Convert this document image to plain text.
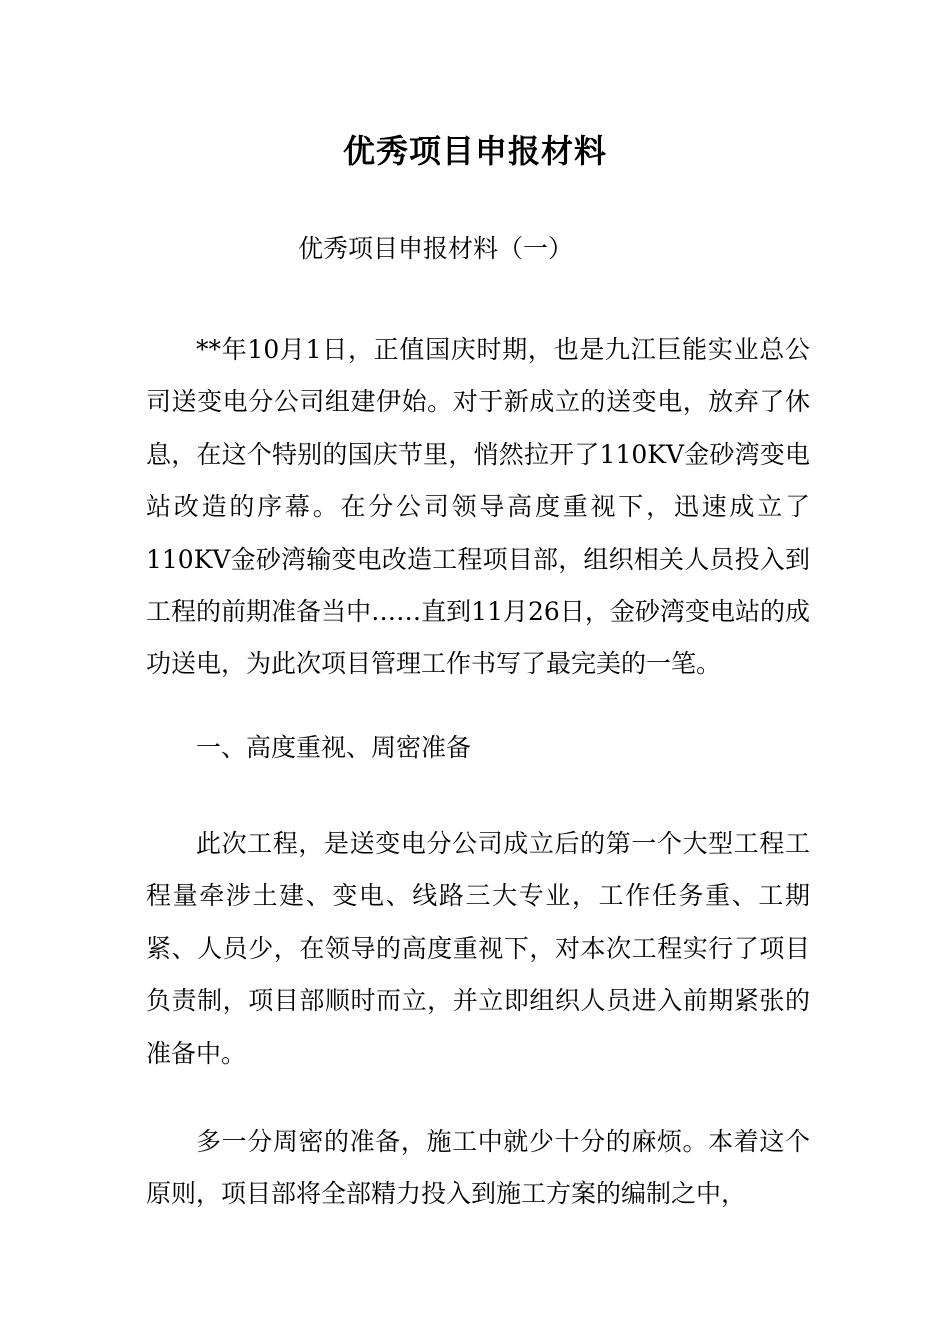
优秀项目申报材料
优秀项目申报材料（一）

**年10月1日，正值国庆时期，也是九江巨能实业总公司送变电分公司组建伊始。对于新成立的送变电，放弃了休息，在这个特别的国庆节里，悄然拉开了110KV金砂湾变电站改造的序幕。在分公司领导高度重视下，迅速成立了110KV金砂湾输变电改造工程项目部，组织相关人员投入到工程的前期准备当中……直到11月26日，金砂湾变电站的成功送电，为此次项目管理工作书写了最完美的一笔。

一、高度重视、周密准备

此次工程，是送变电分公司成立后的第一个大型工程工程量牵涉土建、变电、线路三大专业，工作任务重、工期紧、人员少，在领导的高度重视下，对本次工程实行了项目负责制，项目部顺时而立，并立即组织人员进入前期紧张的准备中。

多一分周密的准备，施工中就少十分的麻烦。本着这个原则，项目部将全部精力投入到施工方案的编制之中，
